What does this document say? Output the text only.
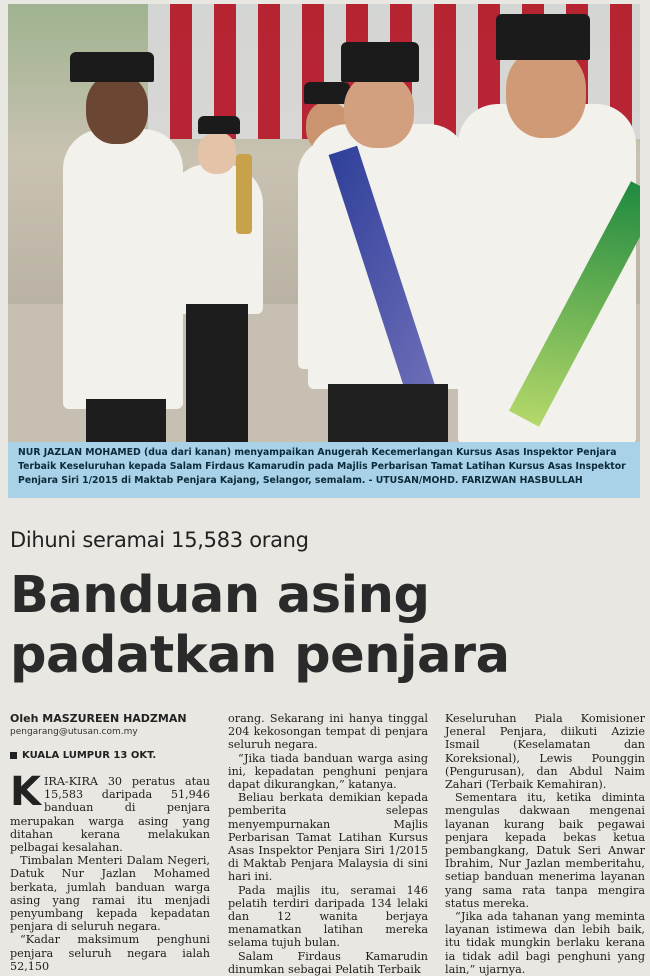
NUR JAZLAN MOHAMED (dua dari kanan) menyampaikan Anugerah Kecemerlangan Kursus Asas Inspektor Penjara Terbaik Keseluruhan kepada Salam Firdaus Kamarudin pada Majlis Perbarisan Tamat Latihan Kursus Asas Inspektor Penjara Siri 1/2015 di Maktab Penjara Kajang, Selangor, semalam. - UTUSAN/MOHD. FARIZWAN HASBULLAH
Dihuni seramai 15,583 orang
Banduan asing padatkan penjara
Oleh MASZUREEN HADZMAN
pengarang@utusan.com.my
KUALA LUMPUR 13 OKT.

KIRA-KIRA 30 peratus atau 15,583 daripada 51,946 banduan di penjara merupakan warga asing yang ditahan kerana melakukan pelbagai kesalahan.

Timbalan Menteri Dalam Negeri, Datuk Nur Jazlan Mohamed berkata, jumlah banduan warga asing yang ramai itu menjadi penyumbang kepada kepadatan penjara di seluruh negara.

“Kadar maksimum penghuni penjara seluruh negara ialah 52,150

orang. Sekarang ini hanya tinggal 204 kekosongan tempat di penjara seluruh negara.

“Jika tiada banduan warga asing ini, kepadatan penghuni penjara dapat dikurangkan,” katanya.

Beliau berkata demikian kepada pemberita selepas menyempurnakan Majlis Perbarisan Tamat Latihan Kursus Asas Inspektor Penjara Siri 1/2015 di Maktab Penjara Malaysia di sini hari ini.

Pada majlis itu, seramai 146 pelatih terdiri daripada 134 lelaki dan 12 wanita berjaya menamatkan latihan mereka selama tujuh bulan.

Salam Firdaus Kamarudin dinumkan sebagai Pelatih Terbaik

Keseluruhan Piala Komisioner Jeneral Penjara, diikuti Azizie Ismail (Keselamatan dan Koreksional), Lewis Pounggin (Pengurusan), dan Abdul Naim Zahari (Terbaik Kemahiran).

Sementara itu, ketika diminta mengulas dakwaan mengenai layanan kurang baik pegawai penjara kepada bekas ketua pembangkang, Datuk Seri Anwar Ibrahim, Nur Jazlan memberitahu, setiap banduan menerima layanan yang sama rata tanpa mengira status mereka.

“Jika ada tahanan yang meminta layanan istimewa dan lebih baik, itu tidak mungkin berlaku kerana ia tidak adil bagi penghuni yang lain,” ujarnya.
